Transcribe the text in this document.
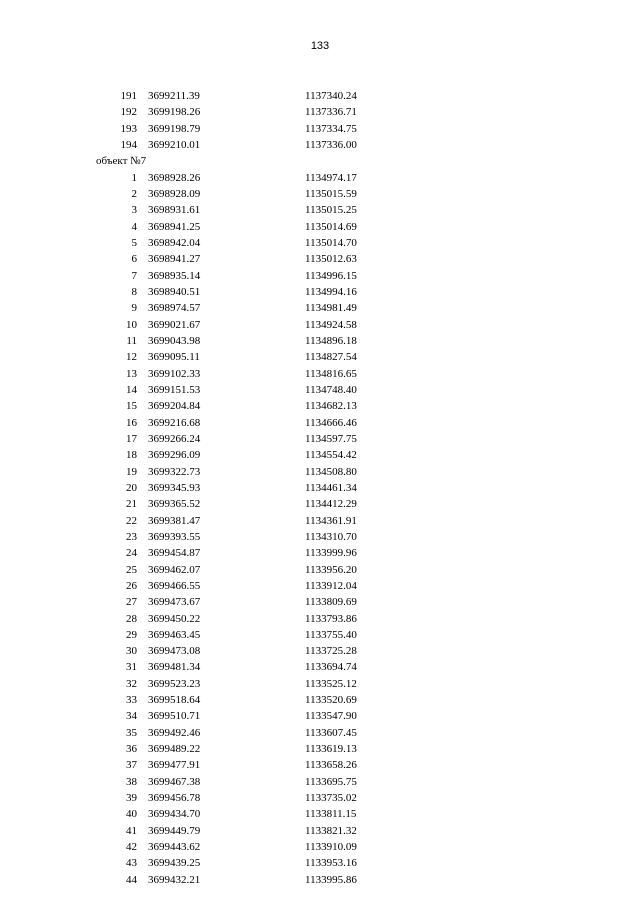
133
191 3699211.39	1137340.24
192 3699198.26	1137336.71
193 3699198.79	1137334.75
194 3699210.01	1137336.00
объект №7
1 3698928.26	1134974.17
2 3698928.09	1135015.59
3 3698931.61	1135015.25
4 3698941.25	1135014.69
5 3698942.04	1135014.70
6 3698941.27	1135012.63
7 3698935.14	1134996.15
8 3698940.51	1134994.16
9 3698974.57	1134981.49
10 3699021.67	1134924.58
11 3699043.98	1134896.18
12 3699095.11	1134827.54
13 3699102.33	1134816.65
14 3699151.53	1134748.40
15 3699204.84	1134682.13
16 3699216.68	1134666.46
17 3699266.24	1134597.75
18 3699296.09	1134554.42
19 3699322.73	1134508.80
20 3699345.93	1134461.34
21 3699365.52	1134412.29
22 3699381.47	1134361.91
23 3699393.55	1134310.70
24 3699454.87	1133999.96
25 3699462.07	1133956.20
26 3699466.55	1133912.04
27 3699473.67	1133809.69
28 3699450.22	1133793.86
29 3699463.45	1133755.40
30 3699473.08	1133725.28
31 3699481.34	1133694.74
32 3699523.23	1133525.12
33 3699518.64	1133520.69
34 3699510.71	1133547.90
35 3699492.46	1133607.45
36 3699489.22	1133619.13
37 3699477.91	1133658.26
38 3699467.38	1133695.75
39 3699456.78	1133735.02
40 3699434.70	1133811.15
41 3699449.79	1133821.32
42 3699443.62	1133910.09
43 3699439.25	1133953.16
44 3699432.21	1133995.86
